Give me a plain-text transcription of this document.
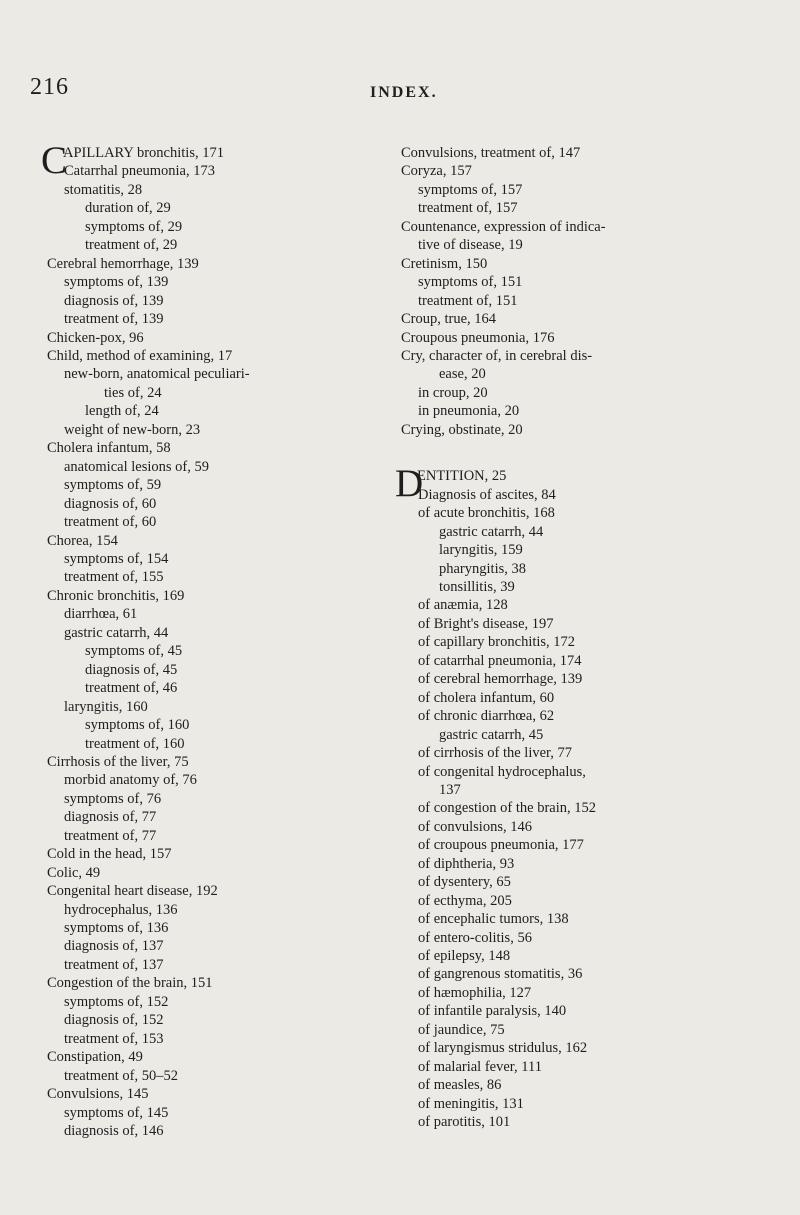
216	INDEX.
C
APILLARY bronchitis, 171
Catarrhal pneumonia, 173
stomatitis, 28
duration of, 29
symptoms of, 29
treatment of, 29
Cerebral hemorrhage, 139
symptoms of, 139
diagnosis of, 139
treatment of, 139
Chicken-pox, 96
Child, method of examining, 17
new-born, anatomical peculiari-
ties of, 24
length of, 24
weight of new-born, 23
Cholera infantum, 58
anatomical lesions of, 59
symptoms of, 59
diagnosis of, 60
treatment of, 60
Chorea, 154
symptoms of, 154
treatment of, 155
Chronic bronchitis, 169
diarrhœa, 61
gastric catarrh, 44
symptoms of, 45
diagnosis of, 45
treatment of, 46
laryngitis, 160
symptoms of, 160
treatment of, 160
Cirrhosis of the liver, 75
morbid anatomy of, 76
symptoms of, 76
diagnosis of, 77
treatment of, 77
Cold in the head, 157
Colic, 49
Congenital heart disease, 192
hydrocephalus, 136
symptoms of, 136
diagnosis of, 137
treatment of, 137
Congestion of the brain, 151
symptoms of, 152
diagnosis of, 152
treatment of, 153
Constipation, 49
treatment of, 50–52
Convulsions, 145
symptoms of, 145
diagnosis of, 146
Convulsions, treatment of, 147
Coryza, 157
symptoms of, 157
treatment of, 157
Countenance, expression of indica-
tive of disease, 19
Cretinism, 150
symptoms of, 151
treatment of, 151
Croup, true, 164
Croupous pneumonia, 176
Cry, character of, in cerebral dis-
ease, 20
in croup, 20
in pneumonia, 20
Crying, obstinate, 20
D
ENTITION, 25
Diagnosis of ascites, 84
of acute bronchitis, 168
gastric catarrh, 44
laryngitis, 159
pharyngitis, 38
tonsillitis, 39
of anæmia, 128
of Bright's disease, 197
of capillary bronchitis, 172
of catarrhal pneumonia, 174
of cerebral hemorrhage, 139
of cholera infantum, 60
of chronic diarrhœa, 62
gastric catarrh, 45
of cirrhosis of the liver, 77
of congenital hydrocephalus,
137
of congestion of the brain, 152
of convulsions, 146
of croupous pneumonia, 177
of diphtheria, 93
of dysentery, 65
of ecthyma, 205
of encephalic tumors, 138
of entero-colitis, 56
of epilepsy, 148
of gangrenous stomatitis, 36
of hæmophilia, 127
of infantile paralysis, 140
of jaundice, 75
of laryngismus stridulus, 162
of malarial fever, 111
of measles, 86
of meningitis, 131
of parotitis, 101
